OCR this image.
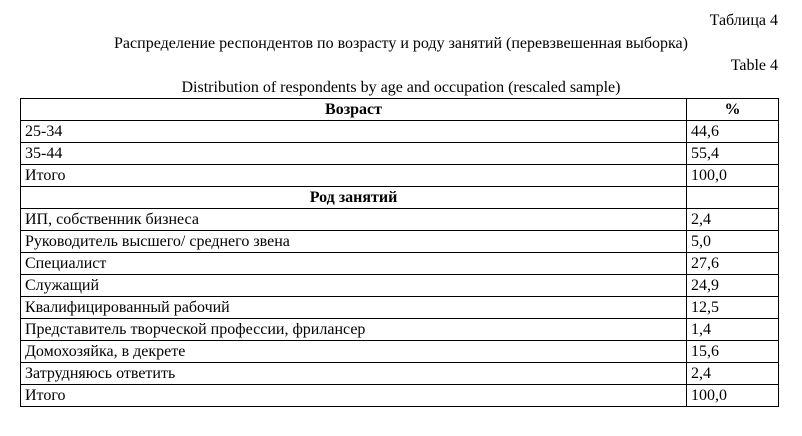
Таблица 4
Распределение респондентов по возрасту и роду занятий (перевзвешенная выборка)
Table 4
Distribution of respondents by age and occupation (rescaled sample)
Возраст	%
25-34	44,6
35-44	55,4
Итого	100,0
Род занятий	
ИП, собственник бизнеса	2,4
Руководитель высшего/ среднего звена	5,0
Специалист	27,6
Служащий	24,9
Квалифицированный рабочий	12,5
Представитель творческой профессии, фрилансер	1,4
Домохозяйка, в декрете	15,6
Затрудняюсь ответить	2,4
Итого	100,0
